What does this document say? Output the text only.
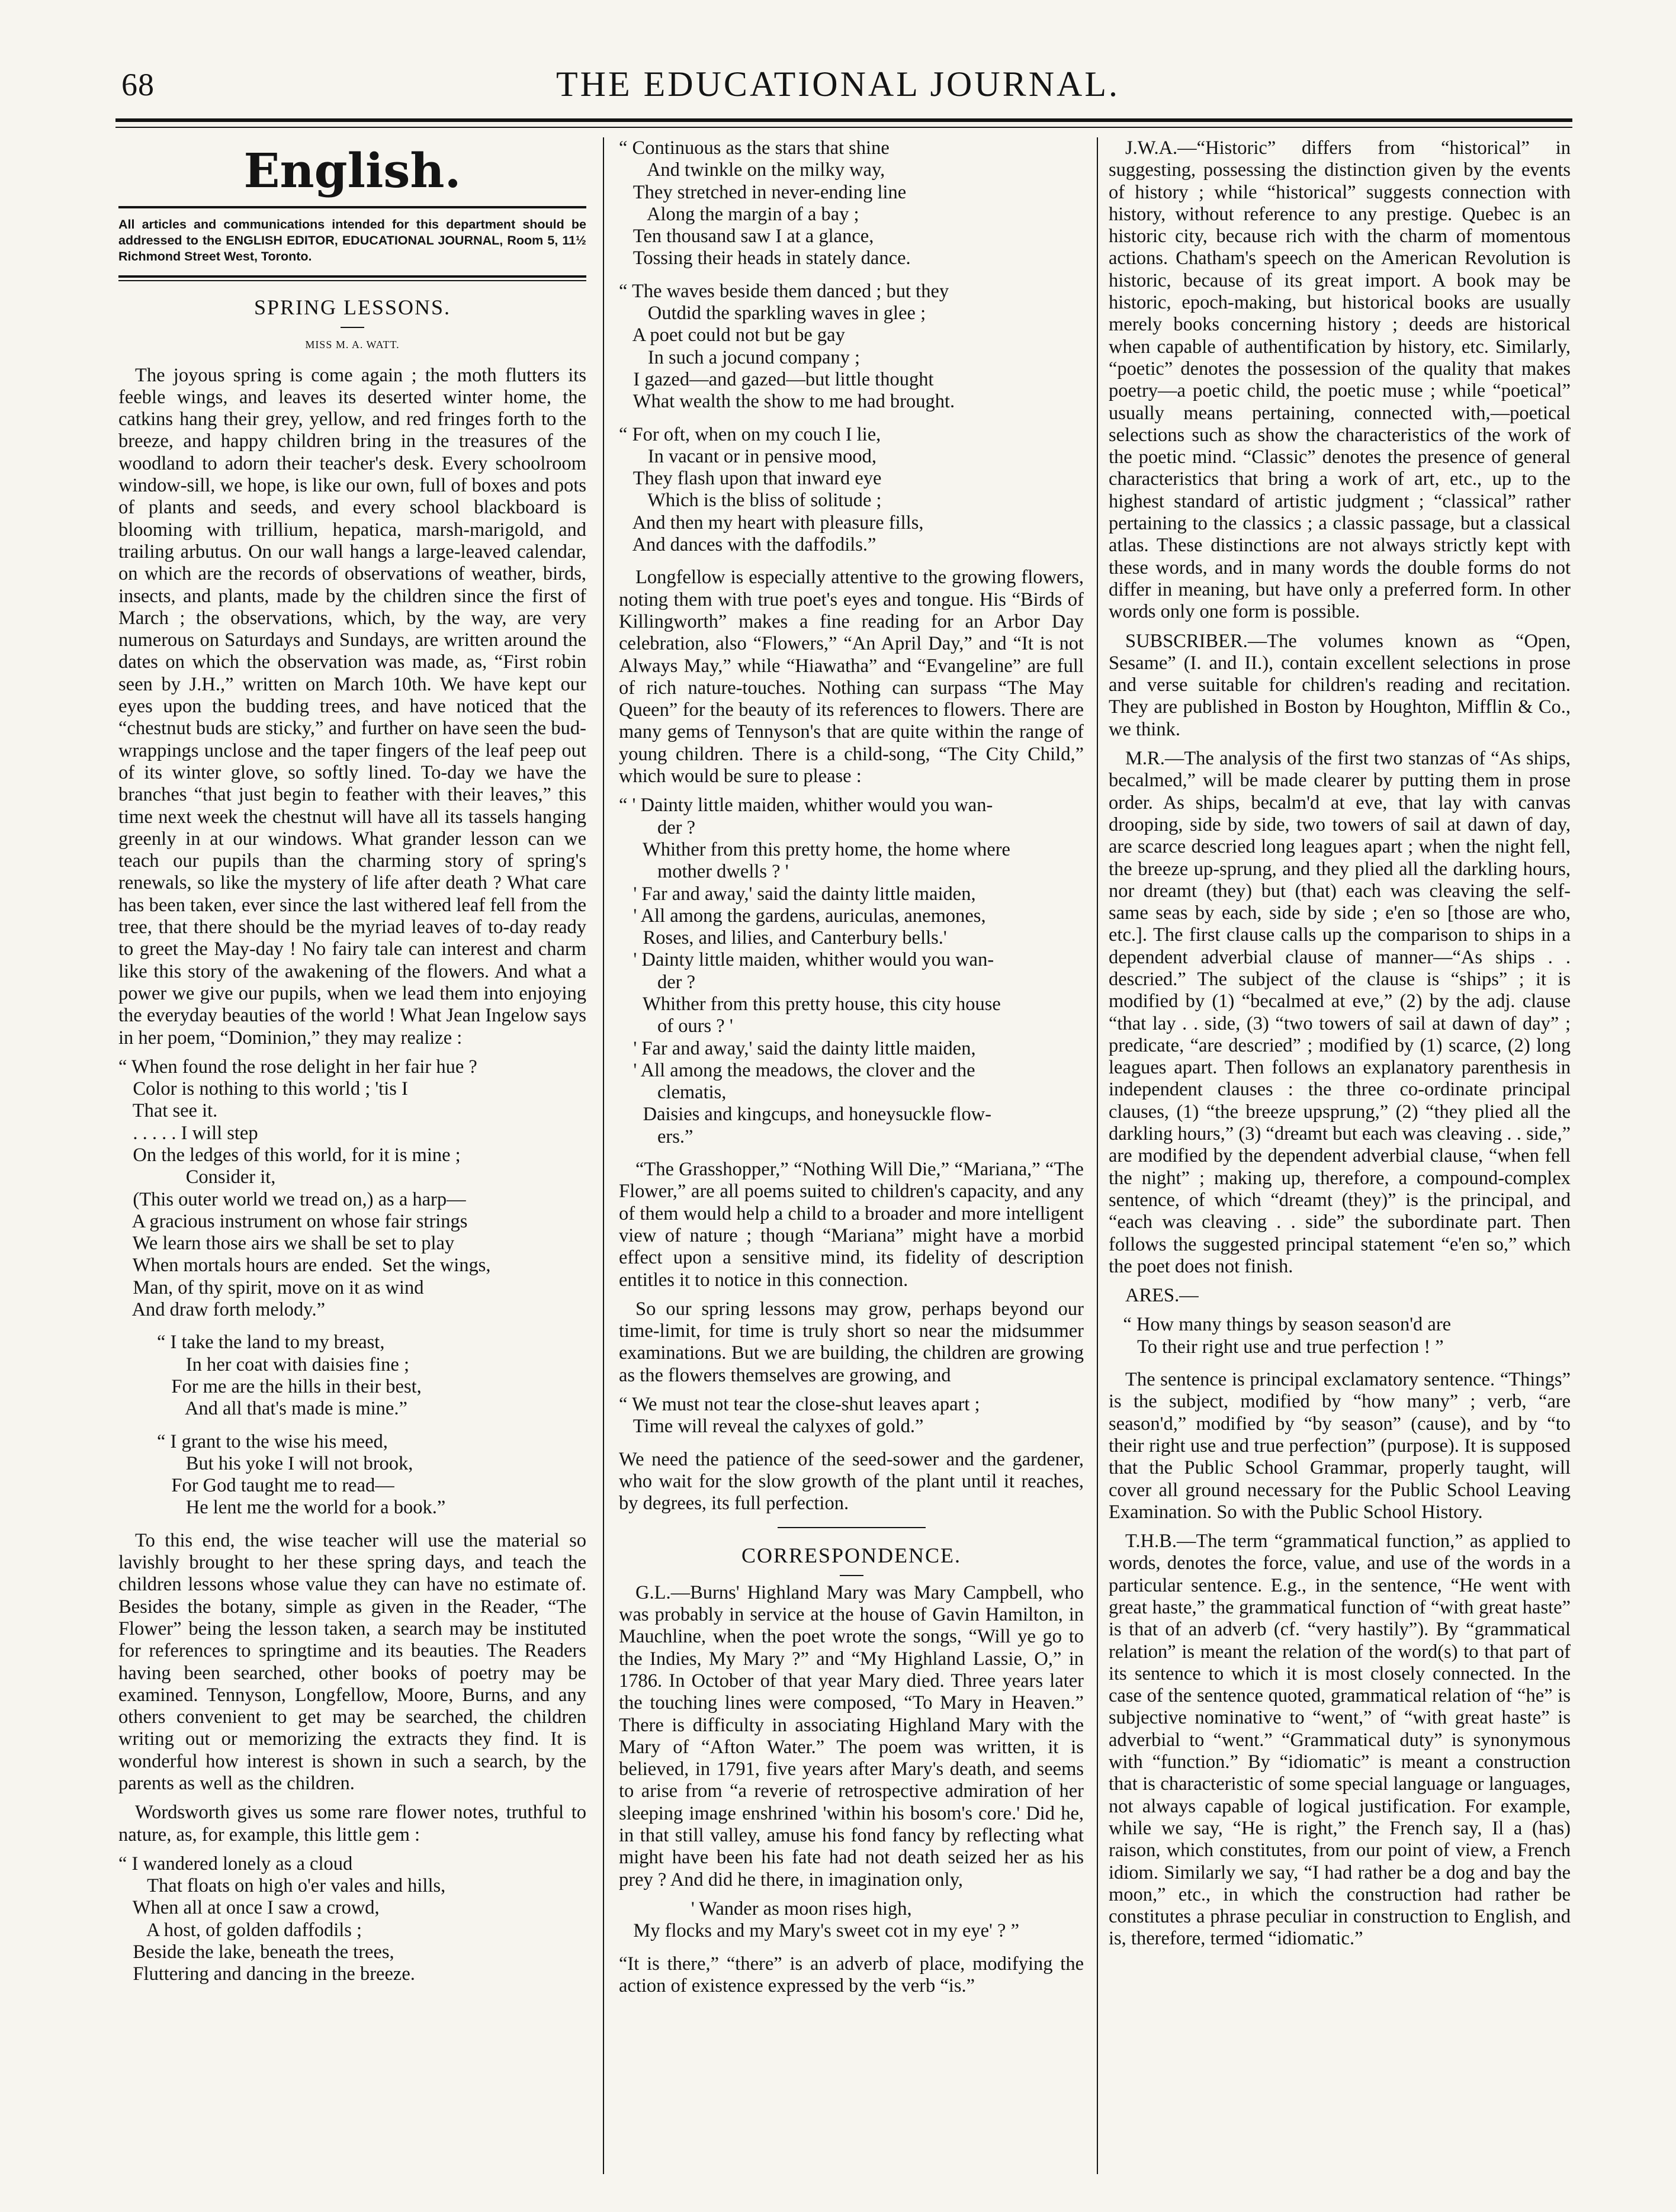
68	THE EDUCATIONAL JOURNAL.
English.
All articles and communications intended for this department should be addressed to the ENGLISH EDITOR, EDUCATIONAL JOURNAL, Room 5, 11½ Richmond Street West, Toronto.
SPRING LESSONS.
MISS M. A. WATT.

The joyous spring is come again ; the moth flutters its feeble wings, and leaves its deserted winter home, the catkins hang their grey, yellow, and red fringes forth to the breeze, and happy children bring in the treasures of the woodland to adorn their teacher's desk. Every schoolroom window-sill, we hope, is like our own, full of boxes and pots of plants and seeds, and every school blackboard is blooming with trillium, hepatica, marsh-marigold, and trailing arbutus. On our wall hangs a large-leaved calendar, on which are the records of observations of weather, birds, insects, and plants, made by the children since the first of March ; the observations, which, by the way, are very numerous on Saturdays and Sundays, are written around the dates on which the observation was made, as, “First robin seen by J.H.,” written on March 10th. We have kept our eyes upon the budding trees, and have noticed that the “chestnut buds are sticky,” and further on have seen the bud-wrappings unclose and the taper fingers of the leaf peep out of its winter glove, so softly lined. To-day we have the branches “that just begin to feather with their leaves,” this time next week the chestnut will have all its tassels hanging greenly in at our windows. What grander lesson can we teach our pupils than the charming story of spring's renewals, so like the mystery of life after death ? What care has been taken, ever since the last withered leaf fell from the tree, that there should be the myriad leaves of to-day ready to greet the May-day ! No fairy tale can interest and charm like this story of the awakening of the flowers. And what a power we give our pupils, when we lead them into enjoying the everyday beauties of the world ! What Jean Ingelow says in her poem, “Dominion,” they may realize :

“ When found the rose delight in her fair hue ?
Color is nothing to this world ; 'tis I
That see it.
. . . . . I will step
On the ledges of this world, for it is mine ;
Consider it,
(This outer world we tread on,) as a harp—
A gracious instrument on whose fair strings
We learn those airs we shall be set to play
When mortals hours are ended.  Set the wings,
Man, of thy spirit, move on it as wind
And draw forth melody.”
“ I take the land to my breast,
In her coat with daisies fine ;
For me are the hills in their best,
And all that's made is mine.”
“ I grant to the wise his meed,
But his yoke I will not brook,
For God taught me to read—
He lent me the world for a book.”

To this end, the wise teacher will use the material so lavishly brought to her these spring days, and teach the children lessons whose value they can have no estimate of. Besides the botany, simple as given in the Reader, “The Flower” being the lesson taken, a search may be instituted for references to springtime and its beauties. The Readers having been searched, other books of poetry may be examined. Tennyson, Longfellow, Moore, Burns, and any others convenient to get may be searched, the children writing out or memorizing the extracts they find. It is wonderful how interest is shown in such a search, by the parents as well as the children.

Wordsworth gives us some rare flower notes, truthful to nature, as, for example, this little gem :

“ I wandered lonely as a cloud
That floats on high o'er vales and hills,
When all at once I saw a crowd,
A host, of golden daffodils ;
Beside the lake, beneath the trees,
Fluttering and dancing in the breeze.
“ Continuous as the stars that shine
And twinkle on the milky way,
They stretched in never-ending line
Along the margin of a bay ;
Ten thousand saw I at a glance,
Tossing their heads in stately dance.
“ The waves beside them danced ; but they
Outdid the sparkling waves in glee ;
A poet could not but be gay
In such a jocund company ;
I gazed—and gazed—but little thought
What wealth the show to me had brought.
“ For oft, when on my couch I lie,
In vacant or in pensive mood,
They flash upon that inward eye
Which is the bliss of solitude ;
And then my heart with pleasure fills,
And dances with the daffodils.”

Longfellow is especially attentive to the growing flowers, noting them with true poet's eyes and tongue. His “Birds of Killingworth” makes a fine reading for an Arbor Day celebration, also “Flowers,” “An April Day,” and “It is not Always May,” while “Hiawatha” and “Evangeline” are full of rich nature-touches. Nothing can surpass “The May Queen” for the beauty of its references to flowers. There are many gems of Tennyson's that are quite within the range of young children. There is a child-song, “The City Child,” which would be sure to please :

“ ' Dainty little maiden, whither would you wan-
der ?
Whither from this pretty home, the home where
mother dwells ? '
' Far and away,' said the dainty little maiden,
' All among the gardens, auriculas, anemones,
Roses, and lilies, and Canterbury bells.'
' Dainty little maiden, whither would you wan-
der ?
Whither from this pretty house, this city house
of ours ? '
' Far and away,' said the dainty little maiden,
' All among the meadows, the clover and the
clematis,
Daisies and kingcups, and honeysuckle flow-
ers.”

“The Grasshopper,” “Nothing Will Die,” “Mariana,” “The Flower,” are all poems suited to children's capacity, and any of them would help a child to a broader and more intelligent view of nature ; though “Mariana” might have a morbid effect upon a sensitive mind, its fidelity of description entitles it to notice in this connection.

So our spring lessons may grow, perhaps beyond our time-limit, for time is truly short so near the midsummer examinations. But we are building, the children are growing as the flowers themselves are growing, and

“ We must not tear the close-shut leaves apart ;
Time will reveal the calyxes of gold.”

We need the patience of the seed-sower and the gardener, who wait for the slow growth of the plant until it reaches, by degrees, its full perfection.

CORRESPONDENCE.

G.L.—Burns' Highland Mary was Mary Campbell, who was probably in service at the house of Gavin Hamilton, in Mauchline, when the poet wrote the songs, “Will ye go to the Indies, My Mary ?” and “My Highland Lassie, O,” in 1786. In October of that year Mary died. Three years later the touching lines were composed, “To Mary in Heaven.” There is difficulty in associating Highland Mary with the Mary of “Afton Water.” The poem was written, it is believed, in 1791, five years after Mary's death, and seems to arise from “a reverie of retrospective admiration of her sleeping image enshrined 'within his bosom's core.' Did he, in that still valley, amuse his fond fancy by reflecting what might have been his fate had not death seized her as his prey ? And did he there, in imagination only,

' Wander as moon rises high,
My flocks and my Mary's sweet cot in my eye' ? ”

“It is there,” “there” is an adverb of place, modifying the action of existence expressed by the verb “is.”

J.W.A.—“Historic” differs from “historical” in suggesting, possessing the distinction given by the events of history ; while “historical” suggests connection with history, without reference to any prestige. Quebec is an historic city, because rich with the charm of momentous actions. Chatham's speech on the American Revolution is historic, because of its great import. A book may be historic, epoch-making, but historical books are usually merely books concerning history ; deeds are historical when capable of authentification by history, etc. Similarly, “poetic” denotes the possession of the quality that makes poetry—a poetic child, the poetic muse ; while “poetical” usually means pertaining, connected with,—poetical selections such as show the characteristics of the work of the poetic mind. “Classic” denotes the presence of general characteristics that bring a work of art, etc., up to the highest standard of artistic judgment ; “classical” rather pertaining to the classics ; a classic passage, but a classical atlas. These distinctions are not always strictly kept with these words, and in many words the double forms do not differ in meaning, but have only a preferred form. In other words only one form is possible.

SUBSCRIBER.—The volumes known as “Open, Sesame” (I. and II.), contain excellent selections in prose and verse suitable for children's reading and recitation. They are published in Boston by Houghton, Mifflin & Co., we think.

M.R.—The analysis of the first two stanzas of “As ships, becalmed,” will be made clearer by putting them in prose order. As ships, becalm'd at eve, that lay with canvas drooping, side by side, two towers of sail at dawn of day, are scarce descried long leagues apart ; when the night fell, the breeze up-sprung, and they plied all the darkling hours, nor dreamt (they) but (that) each was cleaving the self-same seas by each, side by side ; e'en so [those are who, etc.]. The first clause calls up the comparison to ships in a dependent adverbial clause of manner—“As ships . . descried.” The subject of the clause is “ships” ; it is modified by (1) “becalmed at eve,” (2) by the adj. clause “that lay . . side, (3) “two towers of sail at dawn of day” ; predicate, “are descried” ; modified by (1) scarce, (2) long leagues apart. Then follows an explanatory parenthesis in independent clauses : the three co-ordinate principal clauses, (1) “the breeze upsprung,” (2) “they plied all the darkling hours,” (3) “dreamt but each was cleaving . . side,” are modified by the dependent adverbial clause, “when fell the night” ; making up, therefore, a compound-complex sentence, of which “dreamt (they)” is the principal, and “each was cleaving . . side” the subordinate part. Then follows the suggested principal statement “e'en so,” which the poet does not finish.

ARES.—

“ How many things by season season'd are
To their right use and true perfection ! ”

The sentence is principal exclamatory sentence. “Things” is the subject, modified by “how many” ; verb, “are season'd,” modified by “by season” (cause), and by “to their right use and true perfection” (purpose). It is supposed that the Public School Grammar, properly taught, will cover all ground necessary for the Public School Leaving Examination. So with the Public School History.

T.H.B.—The term “grammatical function,” as applied to words, denotes the force, value, and use of the words in a particular sentence. E.g., in the sentence, “He went with great haste,” the grammatical function of “with great haste” is that of an adverb (cf. “very hastily”). By “grammatical relation” is meant the relation of the word(s) to that part of its sentence to which it is most closely connected. In the case of the sentence quoted, grammatical relation of “he” is subjective nominative to “went,” of “with great haste” is adverbial to “went.” “Grammatical duty” is synonymous with “function.” By “idiomatic” is meant a construction that is characteristic of some special language or languages, not always capable of logical justification. For example, while we say, “He is right,” the French say, Il a (has) raison, which constitutes, from our point of view, a French idiom. Similarly we say, “I had rather be a dog and bay the moon,” etc., in which the construction had rather be constitutes a phrase peculiar in construction to English, and is, therefore, termed “idiomatic.”
